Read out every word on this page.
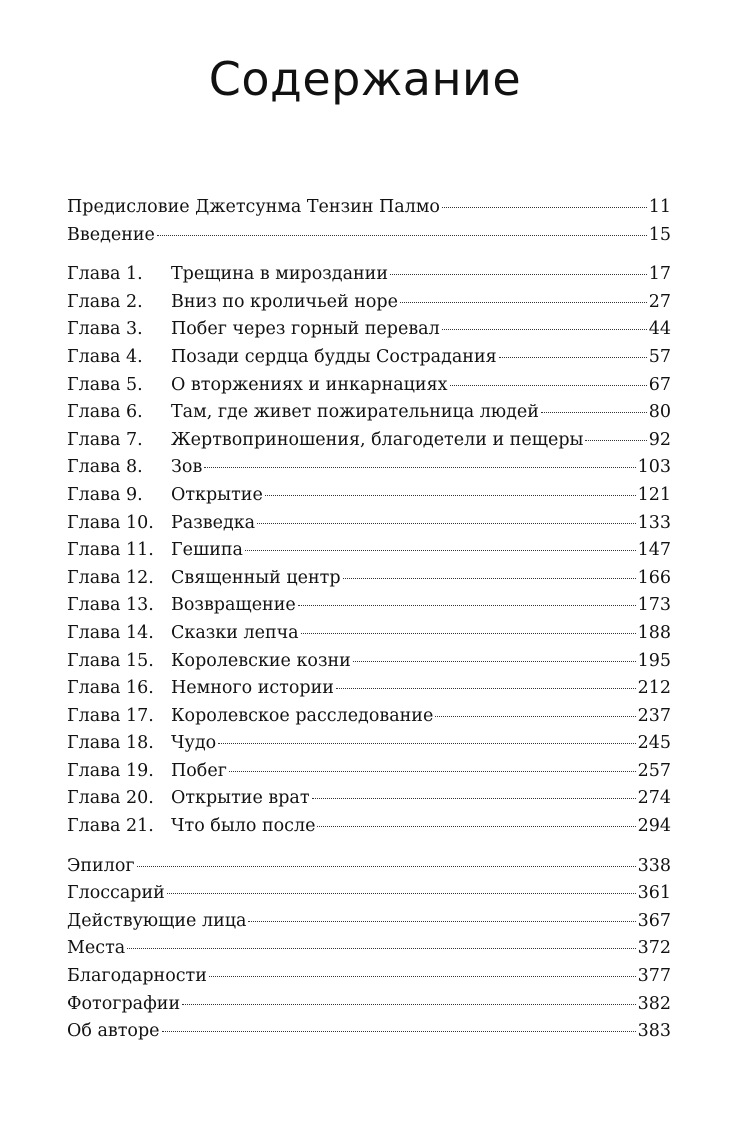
Содержание
Предисловие Джетсунма Тензин Палмо	11
Введение	15
Глава 1.	Трещина в мироздании	17
Глава 2.	Вниз по кроличьей норе	27
Глава 3.	Побег через горный перевал	44
Глава 4.	Позади сердца будды Сострадания	57
Глава 5.	О вторжениях и инкарнациях	67
Глава 6.	Там, где живет пожирательница людей	80
Глава 7.	Жертвоприношения, благодетели и пещеры	92
Глава 8.	Зов	103
Глава 9.	Открытие	121
Глава 10. Разведка	133
Глава 11. Гешипа	147
Глава 12. Священный центр	166
Глава 13. Возвращение	173
Глава 14. Сказки лепча	188
Глава 15. Королевские козни	195
Глава 16. Немного истории	212
Глава 17. Королевское расследование	237
Глава 18. Чудо	245
Глава 19. Побег	257
Глава 20. Открытие врат	274
Глава 21. Что было после	294
Эпилог	338
Глоссарий	361
Действующие лица	367
Места	372
Благодарности	377
Фотографии	382
Об авторе	383
